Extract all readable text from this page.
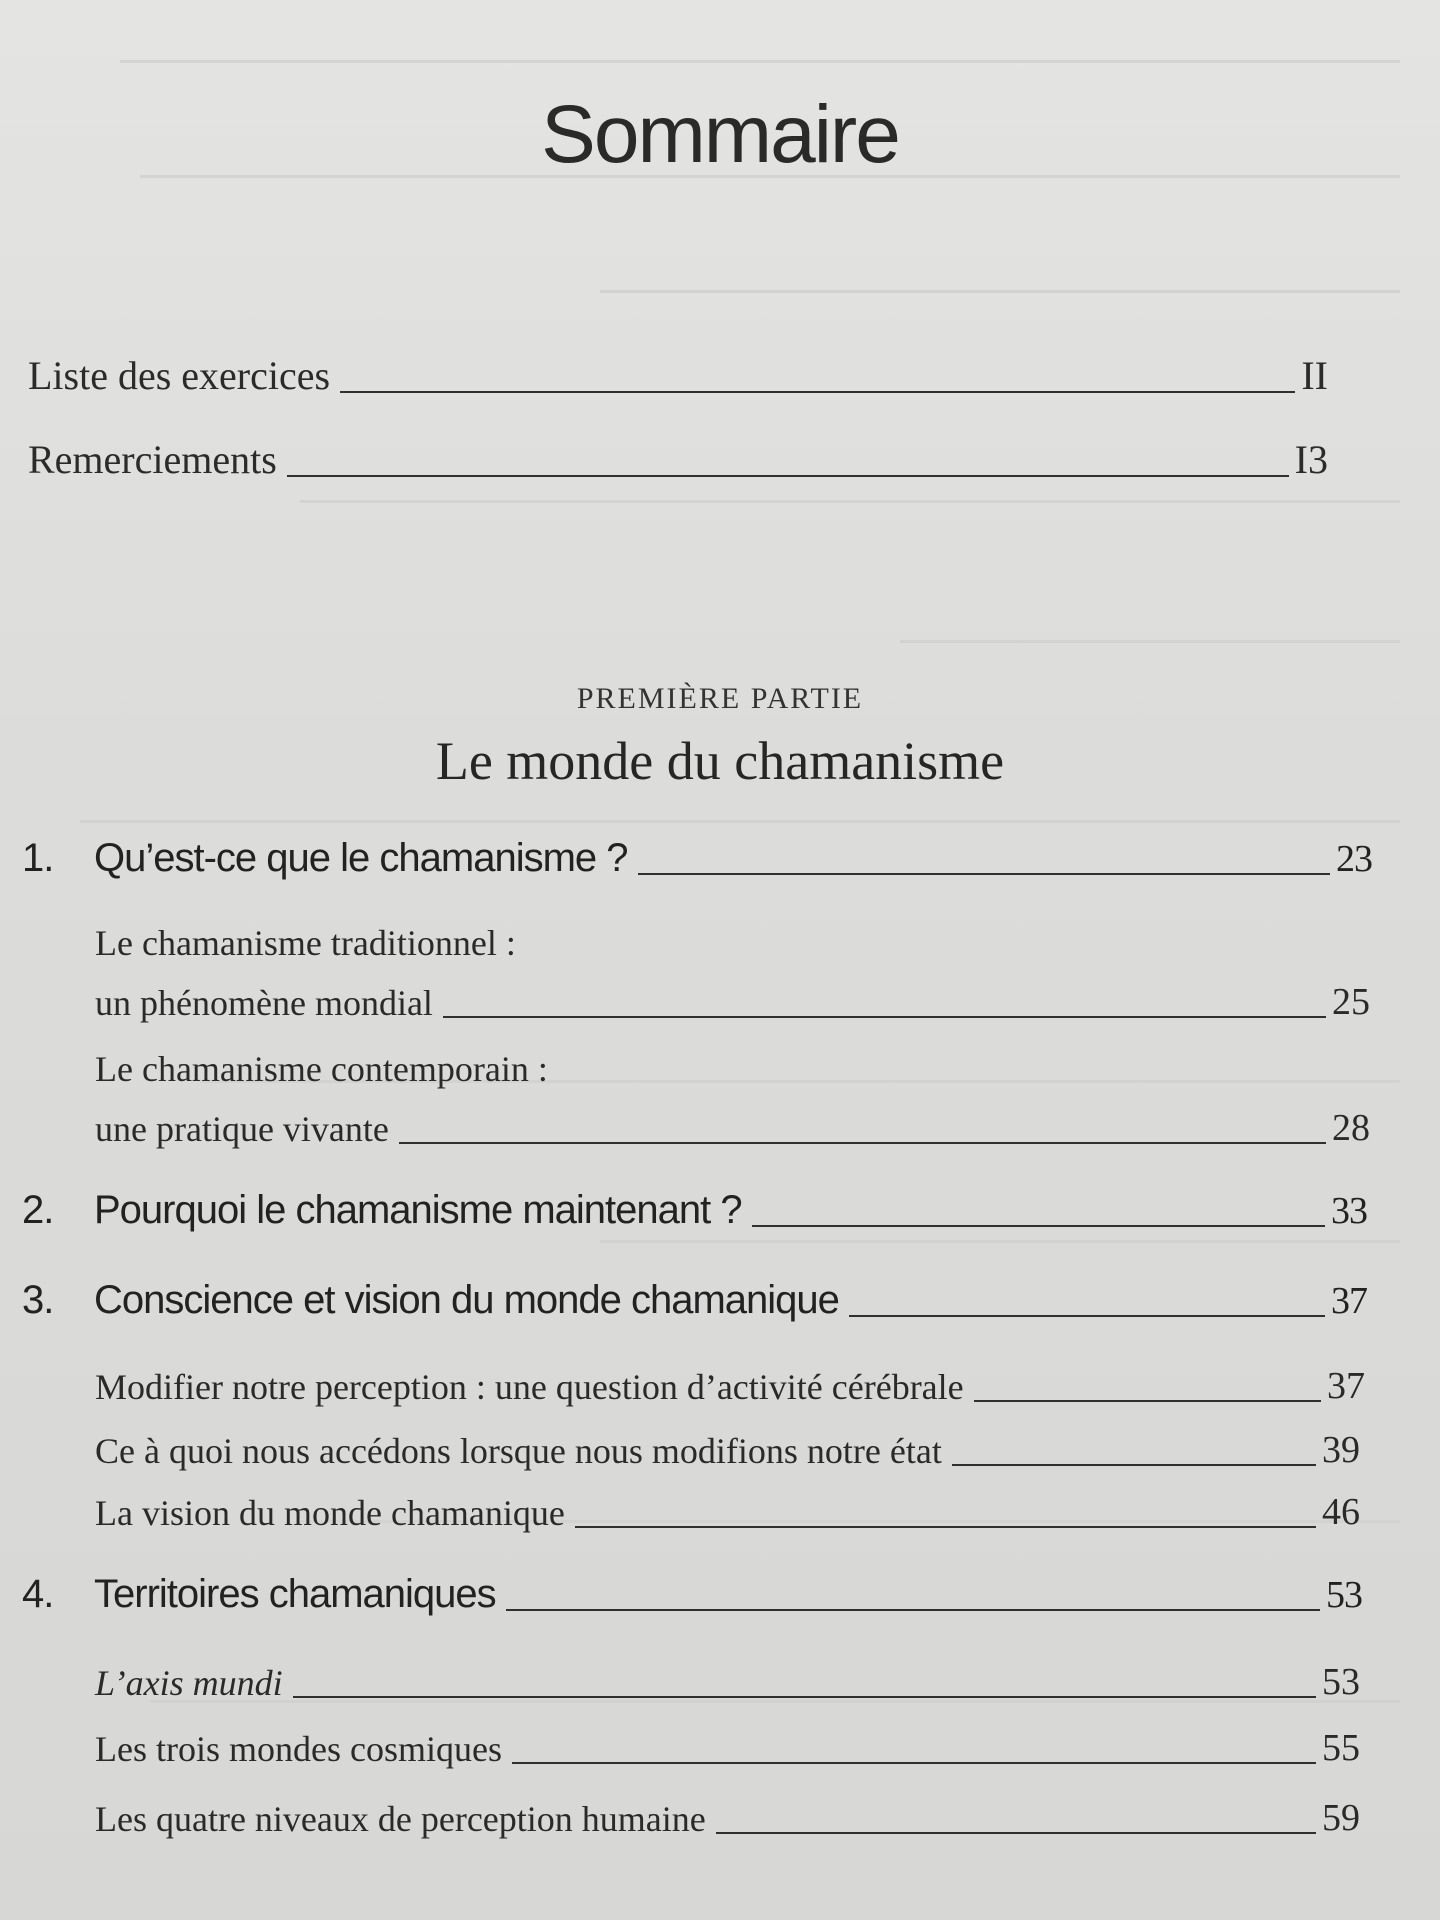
Sommaire
Liste des exercices	II
Remerciements	I3
PREMIÈRE PARTIE
Le monde du chamanisme
1. Qu’est-ce que le chamanisme ?	23
Le chamanisme traditionnel :
un phénomène mondial	25
Le chamanisme contemporain :
une pratique vivante	28
2. Pourquoi le chamanisme maintenant ?	33
3. Conscience et vision du monde chamanique	37
Modifier notre perception : une question d’activité cérébrale	37
Ce à quoi nous accédons lorsque nous modifions notre état	39
La vision du monde chamanique	46
4. Territoires chamaniques	53
L’axis mundi	53
Les trois mondes cosmiques	55
Les quatre niveaux de perception humaine	59
